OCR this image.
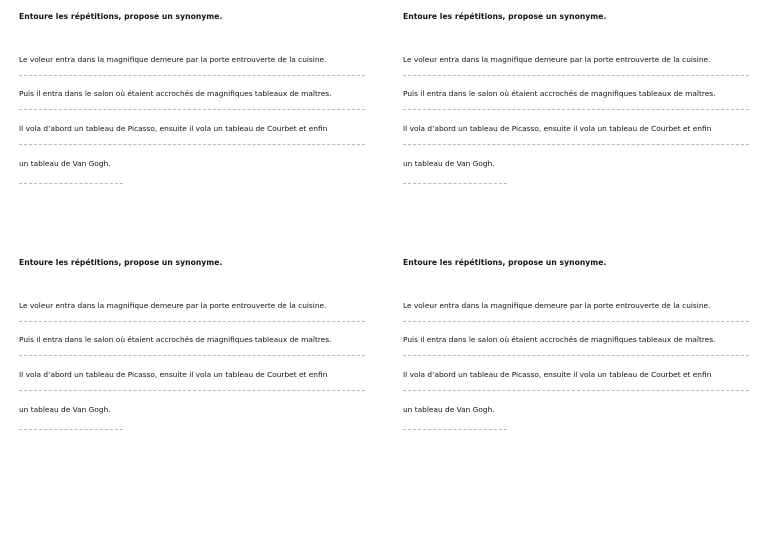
Entoure les répétitions, propose un synonyme.
Le voleur entra dans la magnifique demeure par la porte entrouverte de la cuisine.
Puis il entra dans le salon où étaient accrochés de magnifiques tableaux de maîtres.
Il vola d’abord un tableau de Picasso, ensuite il vola un tableau de Courbet et enfin
un tableau de Van Gogh.
Entoure les répétitions, propose un synonyme.
Le voleur entra dans la magnifique demeure par la porte entrouverte de la cuisine.
Puis il entra dans le salon où étaient accrochés de magnifiques tableaux de maîtres.
Il vola d’abord un tableau de Picasso, ensuite il vola un tableau de Courbet et enfin
un tableau de Van Gogh.
Entoure les répétitions, propose un synonyme.
Le voleur entra dans la magnifique demeure par la porte entrouverte de la cuisine.
Puis il entra dans le salon où étaient accrochés de magnifiques tableaux de maîtres.
Il vola d’abord un tableau de Picasso, ensuite il vola un tableau de Courbet et enfin
un tableau de Van Gogh.
Entoure les répétitions, propose un synonyme.
Le voleur entra dans la magnifique demeure par la porte entrouverte de la cuisine.
Puis il entra dans le salon où étaient accrochés de magnifiques tableaux de maîtres.
Il vola d’abord un tableau de Picasso, ensuite il vola un tableau de Courbet et enfin
un tableau de Van Gogh.
